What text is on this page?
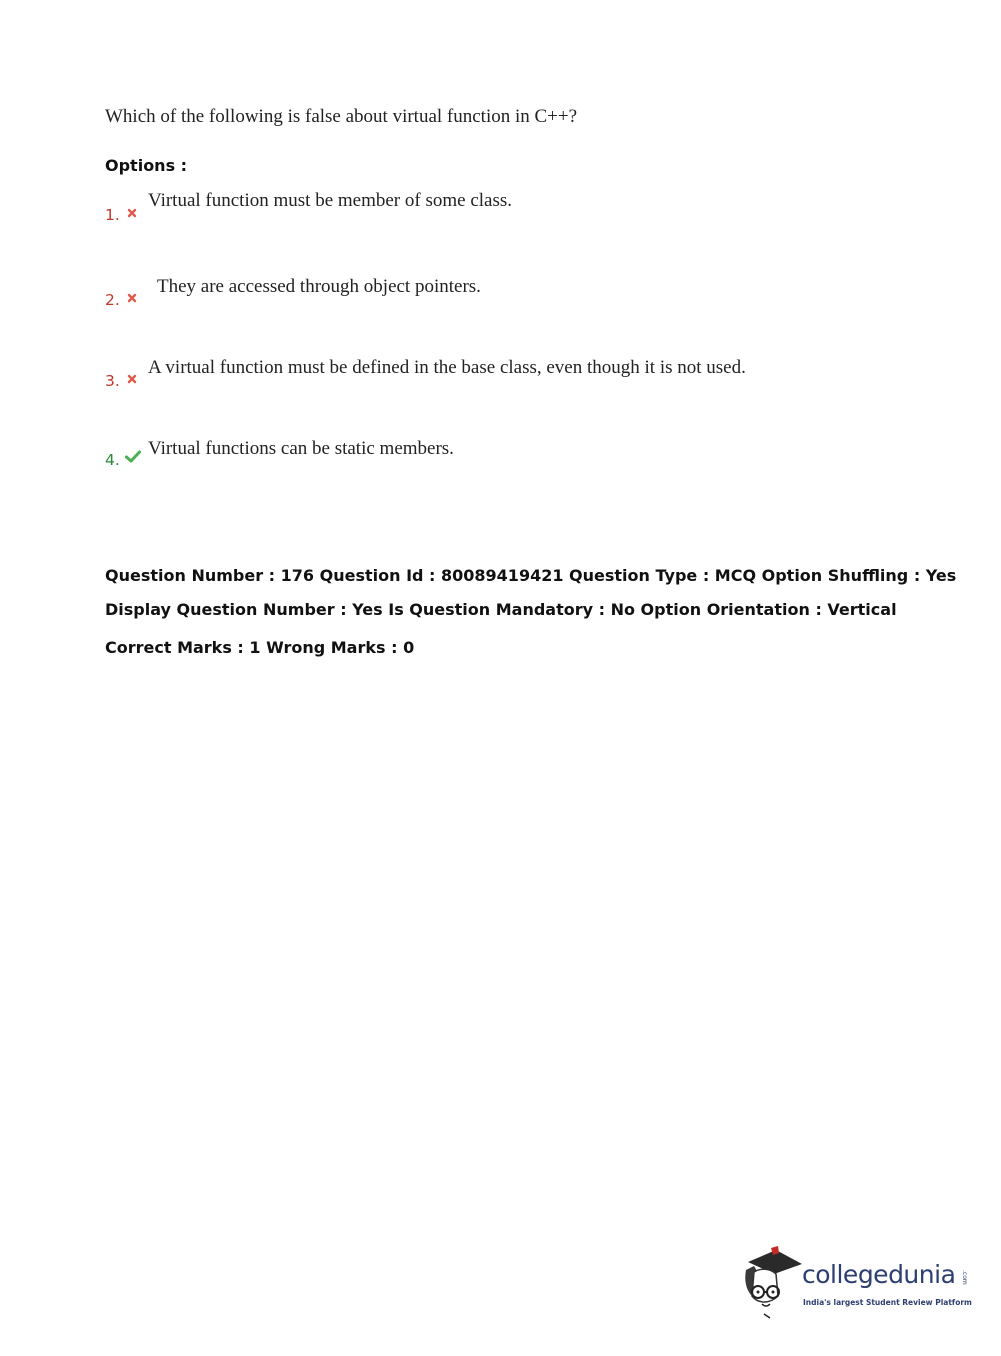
Which of the following is false about virtual function in C++?
Options :
1.
Virtual function must be member of some class.
2.
They are accessed through object pointers.
3.
A virtual function must be defined in the base class, even though it is not used.
4.
Virtual functions can be static members.
Question Number : 176 Question Id : 80089419421 Question Type : MCQ Option Shuffling : Yes
Display Question Number : Yes Is Question Mandatory : No Option Orientation : Vertical
Correct Marks : 1 Wrong Marks : 0
collegedunia .com
India's largest Student Review Platform
